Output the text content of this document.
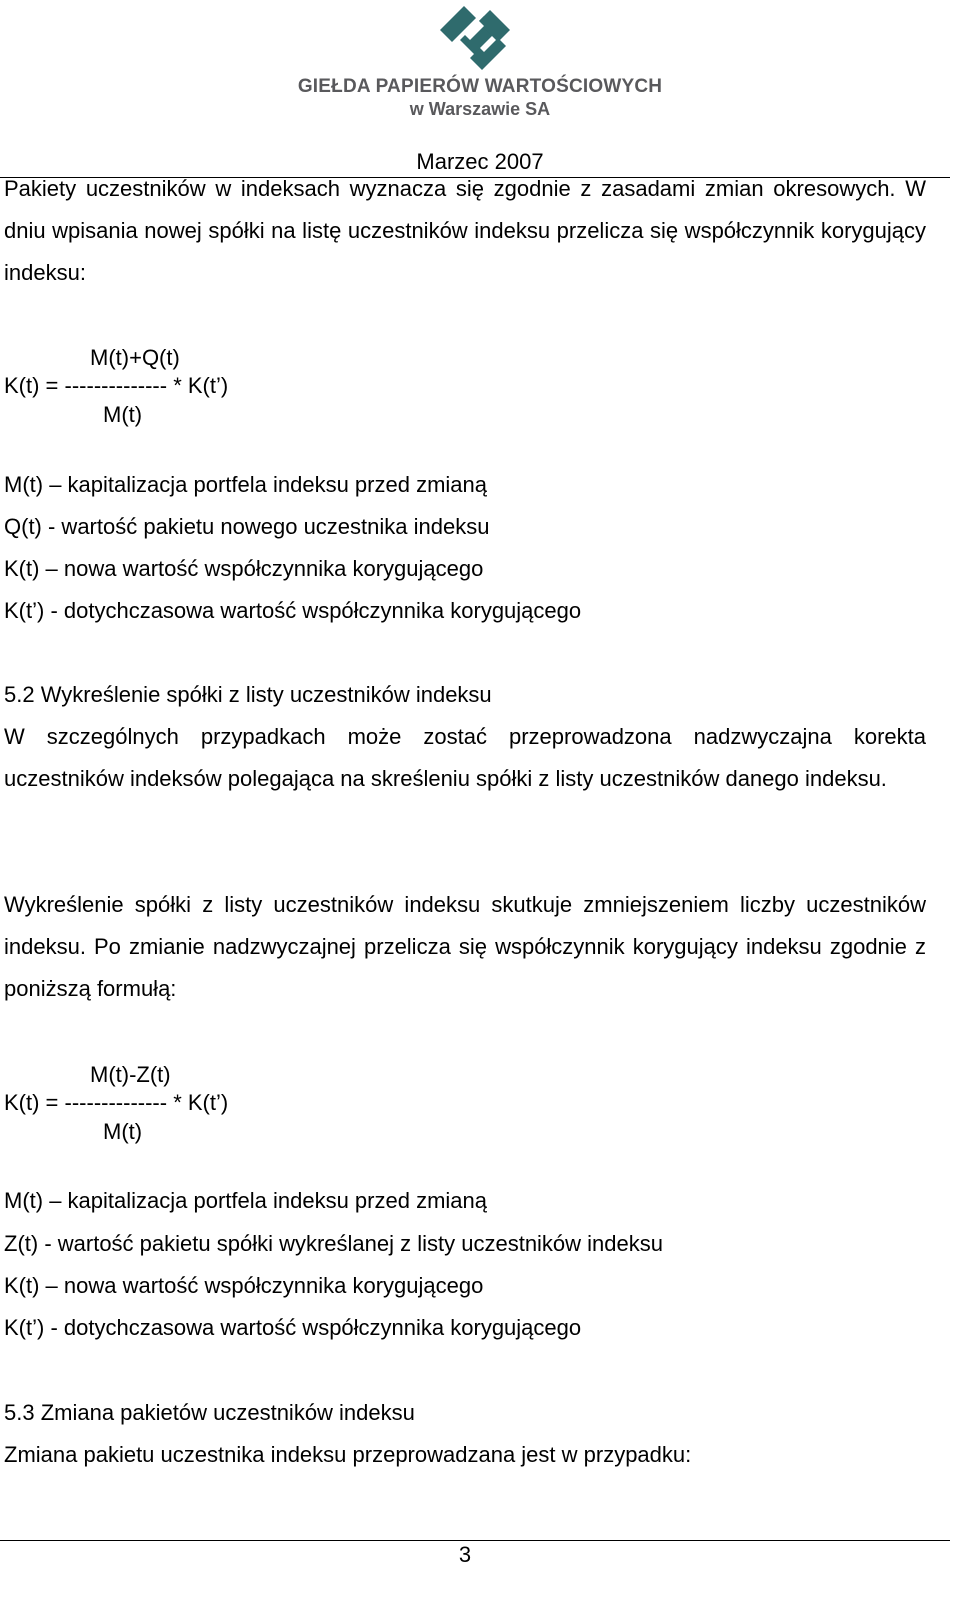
GIEŁDA PAPIERÓW WARTOŚCIOWYCH
w Warszawie SA
Marzec 2007
Pakiety uczestników w indeksach wyznacza się zgodnie z zasadami zmian okresowych. W dniu wpisania nowej spółki na listę uczestników indeksu przelicza się współczynnik korygujący indeksu:
M(t)+Q(t)
K(t) = -------------- * K(t’)
M(t)
M(t) – kapitalizacja portfela indeksu przed zmianą
Q(t) - wartość pakietu nowego uczestnika indeksu
K(t) – nowa wartość współczynnika korygującego
K(t’) - dotychczasowa wartość współczynnika korygującego
5.2 Wykreślenie spółki z listy uczestników indeksu
W szczególnych przypadkach może zostać przeprowadzona nadzwyczajna korekta uczestników indeksów polegająca na skreśleniu spółki z listy uczestników danego indeksu.
Wykreślenie spółki z listy uczestników indeksu skutkuje zmniejszeniem liczby uczestników indeksu. Po zmianie nadzwyczajnej przelicza się współczynnik korygujący indeksu zgodnie z poniższą formułą:
M(t)-Z(t)
K(t) = -------------- * K(t’)
M(t)
M(t) – kapitalizacja portfela indeksu przed zmianą
Z(t) - wartość pakietu spółki wykreślanej z listy uczestników indeksu
K(t) – nowa wartość współczynnika korygującego
K(t’) - dotychczasowa wartość współczynnika korygującego
5.3 Zmiana pakietów uczestników indeksu
Zmiana pakietu uczestnika indeksu przeprowadzana jest w przypadku:
3
